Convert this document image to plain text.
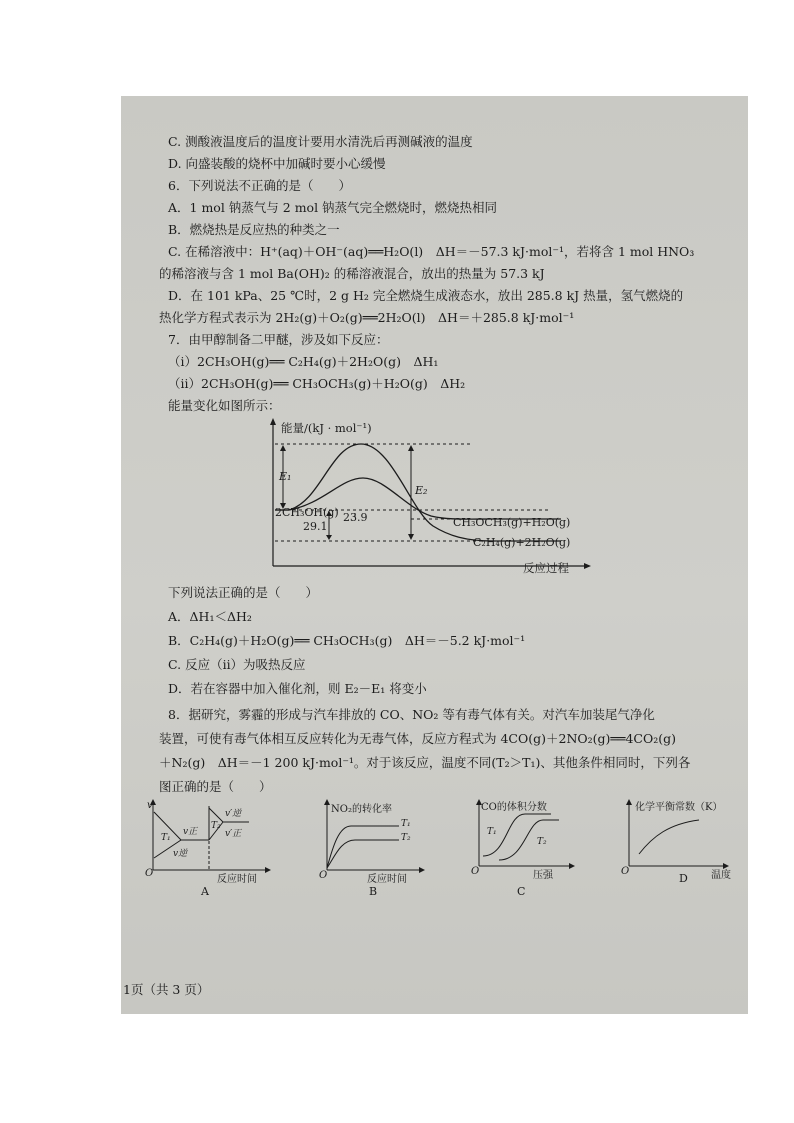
C. 测酸液温度后的温度计要用水清洗后再测碱液的温度
D. 向盛装酸的烧杯中加碱时要小心缓慢
6．下列说法不正确的是（　　）
A．1 mol 钠蒸气与 2 mol 钠蒸气完全燃烧时，燃烧热相同
B．燃烧热是反应热的种类之一
C. 在稀溶液中：H⁺(aq)＋OH⁻(aq)══H₂O(l)　ΔH＝－57.3 kJ·mol⁻¹，若将含 1 mol HNO₃
的稀溶液与含 1 mol Ba(OH)₂ 的稀溶液混合，放出的热量为 57.3 kJ
D．在 101 kPa、25 ℃时，2 g H₂ 完全燃烧生成液态水，放出 285.8 kJ 热量，氢气燃烧的
热化学方程式表示为 2H₂(g)＋O₂(g)══2H₂O(l)　ΔH＝＋285.8 kJ·mol⁻¹
7．由甲醇制备二甲醚，涉及如下反应：
（ⅰ）2CH₃OH(g)══ C₂H₄(g)＋2H₂O(g)　ΔH₁
（ⅱ）2CH₃OH(g)══ CH₃OCH₃(g)＋H₂O(g)　ΔH₂
能量变化如图所示：
能量/(kJ · mol⁻¹)
反应过程
E₁
E₂
29.1
23.9
2CH₃OH(g)
CH₃OCH₃(g)+H₂O(g)
C₂H₄(g)+2H₂O(g)
下列说法正确的是（　　）
A．ΔH₁＜ΔH₂
B．C₂H₄(g)＋H₂O(g)══ CH₃OCH₃(g)　ΔH＝－5.2 kJ·mol⁻¹
C. 反应（ⅱ）为吸热反应
D．若在容器中加入催化剂，则 E₂－E₁ 将变小
8．据研究，雾霾的形成与汽车排放的 CO、NO₂ 等有毒气体有关。对汽车加装尾气净化
装置，可使有毒气体相互反应转化为无毒气体，反应方程式为 4CO(g)＋2NO₂(g)══4CO₂(g)
＋N₂(g)　ΔH＝－1 200 kJ·mol⁻¹。对于该反应，温度不同(T₂＞T₁)、其他条件相同时，下列各
图正确的是（　　）
v
O
T₁
v正
v逆
T₂
v′逆
v′正
反应时间
A
NO₂的转化率
T₁
T₂
O	反应时间
B
CO的体积分数
T₁
T₂
O	压强
C
化学平衡常数（K）
O	温度
D
1页（共 3 页）
